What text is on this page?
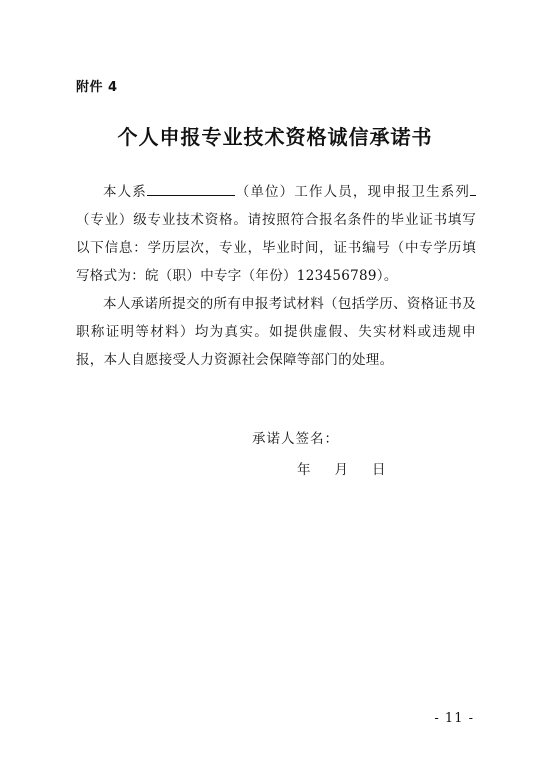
附件 4
个人申报专业技术资格诚信承诺书

本人系	（单位）工作人员，现申报卫生系列（专业）级专业技术资格。请按照符合报名条件的毕业证书填写以下信息：学历层次，专业，毕业时间，证书编号（中专学历填写格式为：皖（职）中专字（年份）123456789）。

本人承诺所提交的所有申报考试材料（包括学历、资格证书及职称证明等材料）均为真实。如提供虚假、失实材料或违规申报，本人自愿接受人力资源社会保障等部门的处理。

承诺人签名：
年 月 日
- 11 -
